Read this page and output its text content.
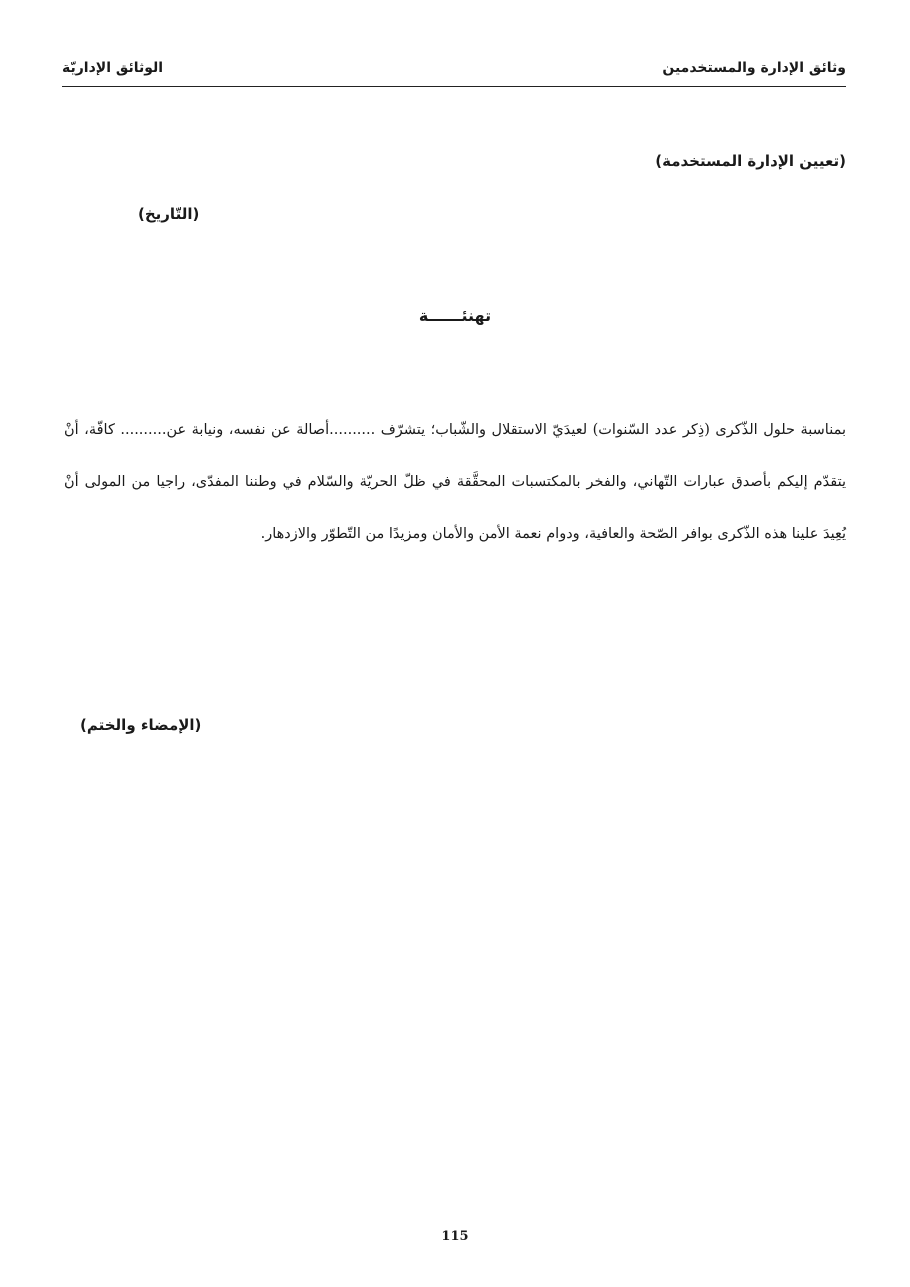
وثائق الإدارة والمستخدمين
الوثائق الإداريّة
(تعيين الإدارة المستخدمة)
(التّاريخ)
تهنئــــــة

بمناسبة حلول الذّكرى (ذِكر عدد السّنوات) لعيدَيّ الاستقلال والشّباب؛ يتشرّف ..........أصالة عن نفسه، ونيابة عن.......... كافّة، أنْ يتقدّم إليكم بأصدق عبارات التّهاني، والفخر بالمكتسبات المحقَّقة في ظلّ الحريّة والسّلام في وطننا المفدّى، راجيا من المولى أنْ يُعِيدَ علينا هذه الذّكرى بوافر الصّحة والعافية، ودوام نعمة الأمن والأمان ومزيدًا من التّطوّر والازدهار.

(الإمضاء والختم)
115
